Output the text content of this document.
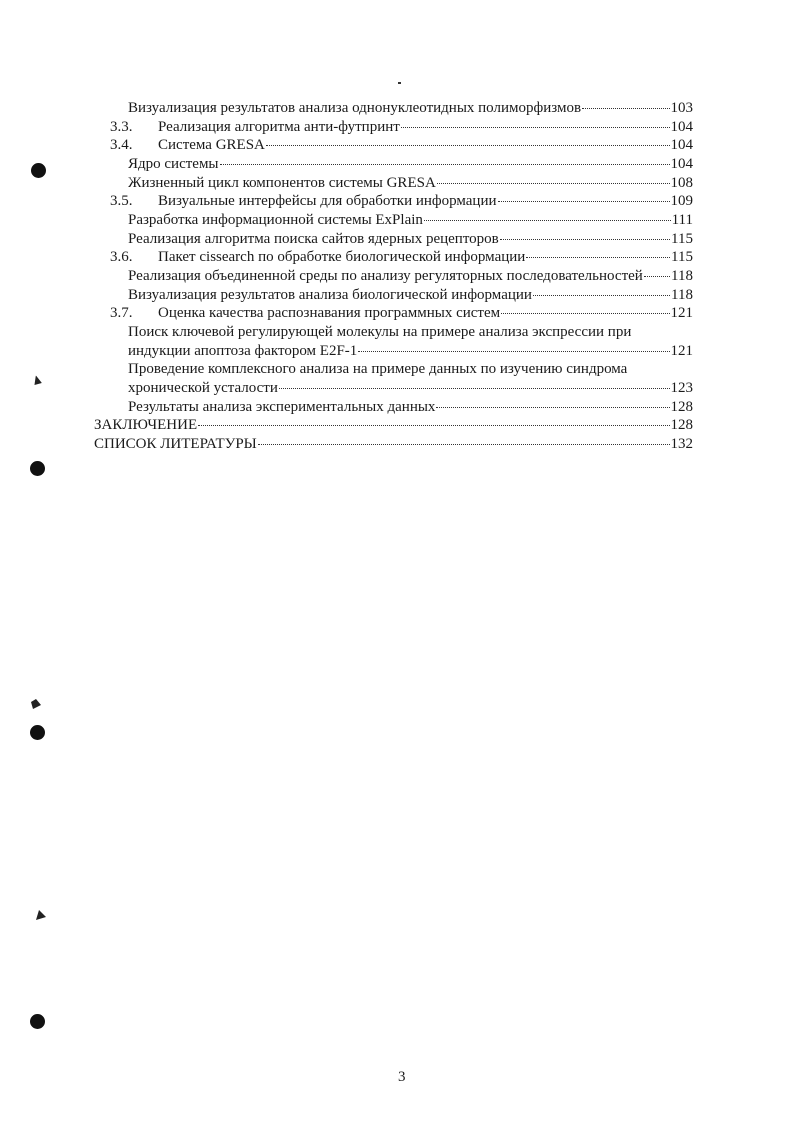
Визуализация результатов анализа однонуклеотидных полиморфизмов	103
3.3.	Реализация алгоритма анти-футпринт	104
3.4.	Система GRESA	104
Ядро системы	104
Жизненный цикл компонентов системы GRESA	108
3.5.	Визуальные интерфейсы для обработки информации	109
Разработка информационной системы ExPlain	111
Реализация алгоритма поиска сайтов ядерных рецепторов	115
3.6.	Пакет cissearch по обработке биологической информации	115
Реализация объединенной среды по анализу регуляторных последовательностей 118
Визуализация результатов анализа биологической информации	118
3.7.	Оценка качества распознавания программных систем	121
Поиск ключевой регулирующей молекулы на примере анализа экспрессии при
индукции апоптоза фактором E2F-1	121
Проведение комплексного анализа на примере данных по изучению синдрома
хронической усталости	123
Результаты анализа экспериментальных данных	128
ЗАКЛЮЧЕНИЕ	128
СПИСОК ЛИТЕРАТУРЫ	132
3
